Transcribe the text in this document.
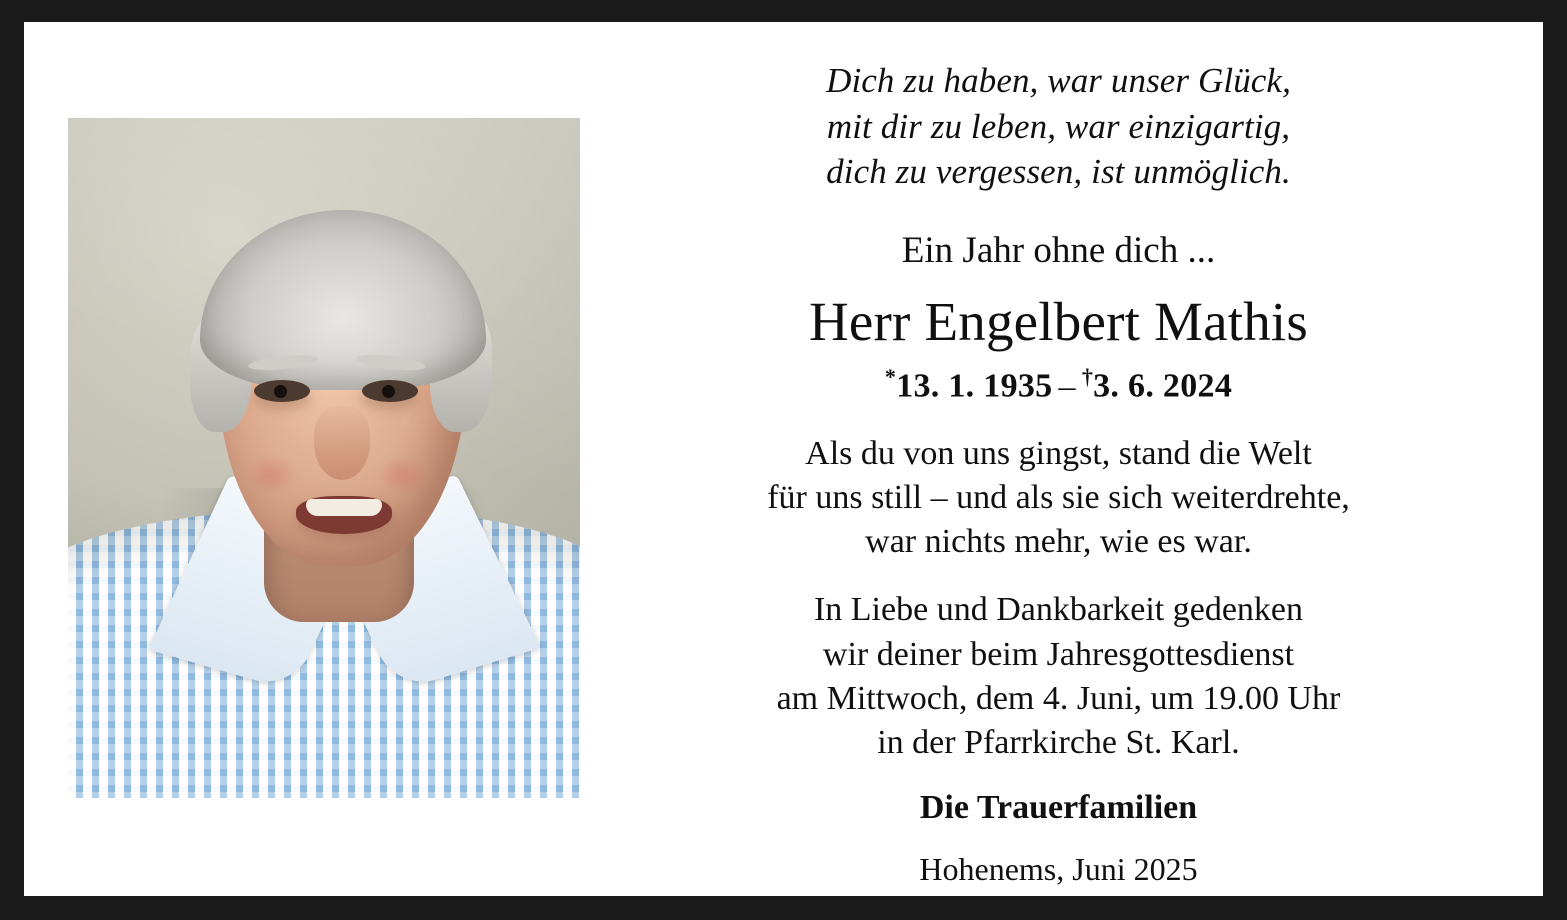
Dich zu haben, war unser Glück,
mit dir zu leben, war einzigartig,
dich zu vergessen, ist unmöglich.
Ein Jahr ohne dich ...
Herr Engelbert Mathis
*13. 1. 1935 – †3. 6. 2024
Als du von uns gingst, stand die Welt
für uns still – und als sie sich weiterdrehte,
war nichts mehr, wie es war.
In Liebe und Dankbarkeit gedenken
wir deiner beim Jahresgottesdienst
am Mittwoch, dem 4. Juni, um 19.00 Uhr
in der Pfarrkirche St. Karl.
Die Trauerfamilien
Hohenems, Juni 2025
